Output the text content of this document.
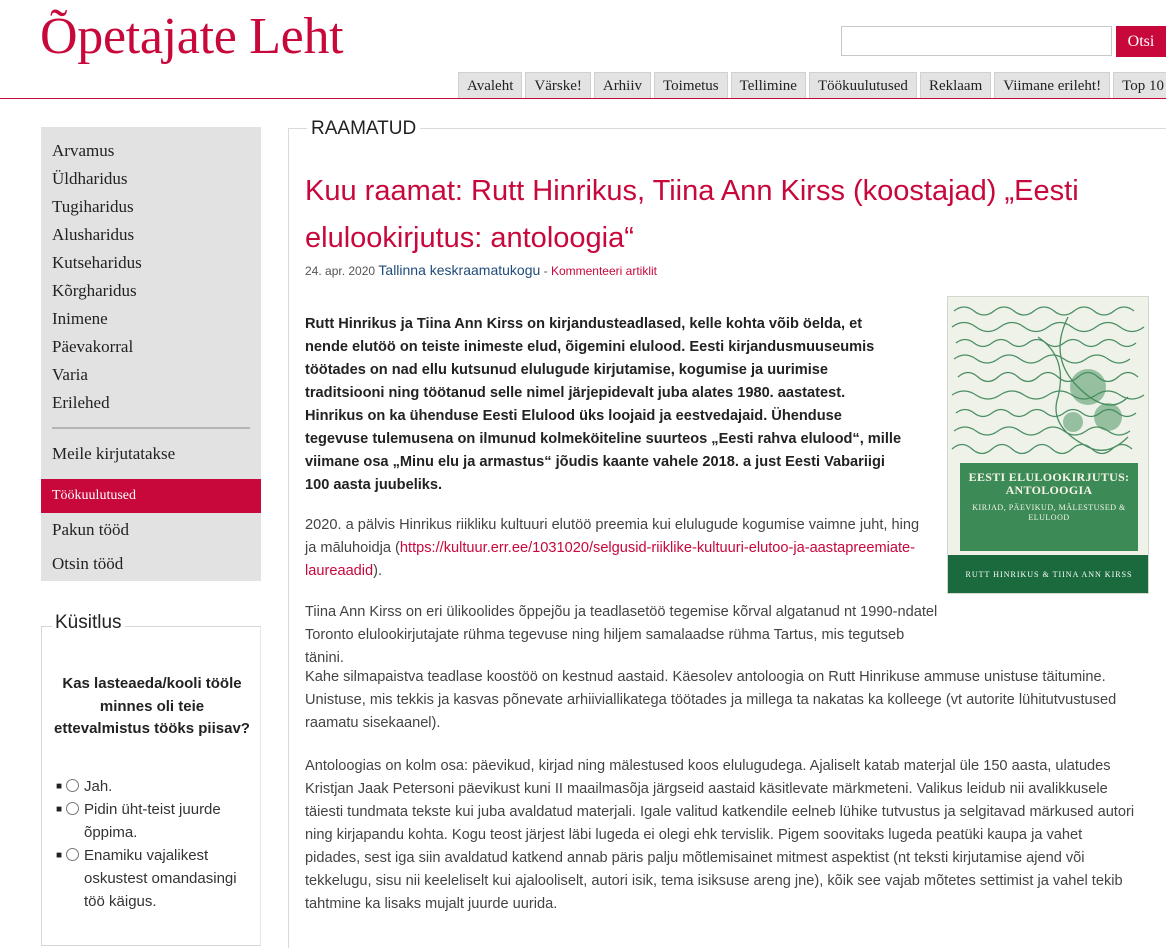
Õpetajate Leht	Otsi
Avaleht	Värske!	Arhiiv	Toimetus	Tellimine	Töökuulutused	Reklaam	Viimane erileht!	Top 10
Arvamus
Üldharidus
Tugiharidus
Alusharidus
Kutseharidus
Kõrgharidus
Inimene
Päevakorral
Varia
Erilehed
Meile kirjutatakse
Töökuulutused
Pakun tööd
Otsin tööd
Küsitlus
Kas lasteaeda/kooli tööle minnes oli teie ettevalmistus tööks piisav?
■ Jah.
■ Pidin üht-teist juurde õppima.
■ Enamiku vajalikest oskustest omandasingi töö käigus.
RAAMATUD
Kuu raamat: Rutt Hinrikus, Tiina Ann Kirss (koostajad) „Eesti elulookirjutus: antoloogia“
24. apr. 2020 Tallinna keskraamatukogu - Kommenteeri artiklit
EESTI ELULOOKIRJUTUS: ANTOLOOGIA
KIRJAD, PÄEVIKUD, MÄLESTUSED & ELULOOD
RUTT HINRIKUS & TIINA ANN KIRSS

Rutt Hinrikus ja Tiina Ann Kirss on kirjandusteadlased, kelle kohta võib öelda, et nende elutöö on teiste inimeste elud, õigemini elulood. Eesti kirjandusmuuseumis töötades on nad ellu kutsunud elulugude kirjutamise, kogumise ja uurimise traditsiooni ning töötanud selle nimel järjepidevalt juba alates 1980. aastatest. Hinrikus on ka ühenduse Eesti Elulood üks loojaid ja eestvedajaid. Ühenduse tegevuse tulemusena on ilmunud kolmeköiteline suurteos „Eesti rahva elulood“, mille viimane osa „Minu elu ja armastus“ jõudis kaante vahele 2018. a just Eesti Vabariigi 100 aasta juubeliks.

2020. a pälvis Hinrikus riikliku kultuuri elutöö preemia kui elulugude kogumise vaimne juht, hing ja māluhoidja (https://kultuur.err.ee/1031020/selgusid-riiklike-kultuuri-elutoo-ja-aastapreemiate-laureaadid).

Tiina Ann Kirss on eri ülikoolides õppejõu ja teadlasetöö tegemise kõrval algatanud nt 1990-ndatel Toronto elulookirjutajate rühma tegevuse ning hiljem samalaadse rühma Tartus, mis tegutseb tänini.

Kahe silmapaistva teadlase koostöö on kestnud aastaid. Käesolev antoloogia on Rutt Hinrikuse ammuse unistuse täitumine. Unistuse, mis tekkis ja kasvas põnevate arhiiviallikatega töötades ja millega ta nakatas ka kolleege (vt autorite lühitutvustused raamatu sisekaanel).

Antoloogias on kolm osa: päevikud, kirjad ning mälestused koos elulugudega. Ajaliselt katab materjal üle 150 aasta, ulatudes Kristjan Jaak Petersoni päevikust kuni II maailmasõja järgseid aastaid käsitlevate märkmeteni. Valikus leidub nii avalikkusele täiesti tundmata tekste kui juba avaldatud materjali. Igale valitud katkendile eelneb lühike tutvustus ja selgitavad märkused autori ning kirjapandu kohta. Kogu teost järjest läbi lugeda ei olegi ehk tervislik. Pigem soovitaks lugeda peatüki kaupa ja vahet pidades, sest iga siin avaldatud katkend annab päris palju mõtlemisainet mitmest aspektist (nt teksti kirjutamise ajend või tekkelugu, sisu nii keeleliselt kui ajalooliselt, autori isik, tema isiksuse areng jne), kõik see vajab mõtetes settimist ja vahel tekib tahtmine ka lisaks mujalt juurde uurida.
